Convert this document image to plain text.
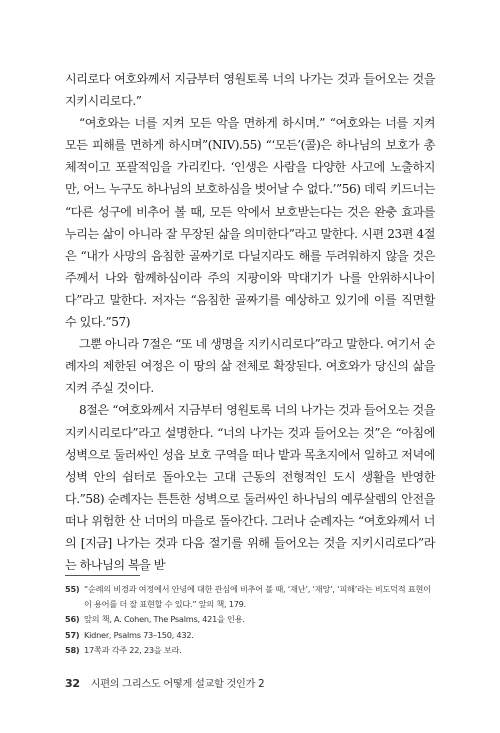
시리로다 여호와께서 지금부터 영원토록 너의 나가는 것과 들어오는 것을 지키시리로다.”

“여호와는 너를 지켜 모든 악을 면하게 하시며.” “여호와는 너를 지켜 모든 피해를 면하게 하시며”(NIV).55) “‘모든’(콜)은 하나님의 보호가 총체적이고 포괄적임을 가리킨다. ‘인생은 사람을 다양한 사고에 노출하지만, 어느 누구도 하나님의 보호하심을 벗어날 수 없다.’”56) 데릭 키드너는 “다른 성구에 비추어 볼 때, 모든 악에서 보호받는다는 것은 완충 효과를 누리는 삶이 아니라 잘 무장된 삶을 의미한다”라고 말한다. 시편 23편 4절은 “내가 사망의 음침한 골짜기로 다닐지라도 해를 두려워하지 않을 것은 주께서 나와 함께하심이라 주의 지팡이와 막대기가 나를 안위하시나이다”라고 말한다. 저자는 “음침한 골짜기를 예상하고 있기에 이를 직면할 수 있다.”57)

그뿐 아니라 7절은 “또 네 생명을 지키시리로다”라고 말한다. 여기서 순례자의 제한된 여정은 이 땅의 삶 전체로 확장된다. 여호와가 당신의 삶을 지켜 주실 것이다.

8절은 “여호와께서 지금부터 영원토록 너의 나가는 것과 들어오는 것을 지키시리로다”라고 설명한다. “너의 나가는 것과 들어오는 것”은 “아침에 성벽으로 둘러싸인 성읍 보호 구역을 떠나 밭과 목초지에서 일하고 저녁에 성벽 안의 쉼터로 돌아오는 고대 근동의 전형적인 도시 생활을 반영한다.”58) 순례자는 튼튼한 성벽으로 둘러싸인 하나님의 예루살렘의 안전을 떠나 위험한 산 너머의 마을로 돌아간다. 그러나 순례자는 “여호와께서 너의 [지금] 나가는 것과 다음 절기를 위해 들어오는 것을 지키시리로다”라는 하나님의 복을 받

55) “순례의 비경과 여정에서 안녕에 대한 관심에 비추어 볼 때, ‘재난’, ‘재앙’, ‘피해’라는 비도덕적 표현이 이 용어를 더 잘 표현할 수 있다.” 앞의 책, 179.
56) 앞의 책, A. Cohen, The Psalms, 421을 인용.
57) Kidner, Psalms 73–150, 432.
58) 17쪽과 각주 22, 23을 보라.
32 시편의 그리스도 어떻게 설교할 것인가 2
